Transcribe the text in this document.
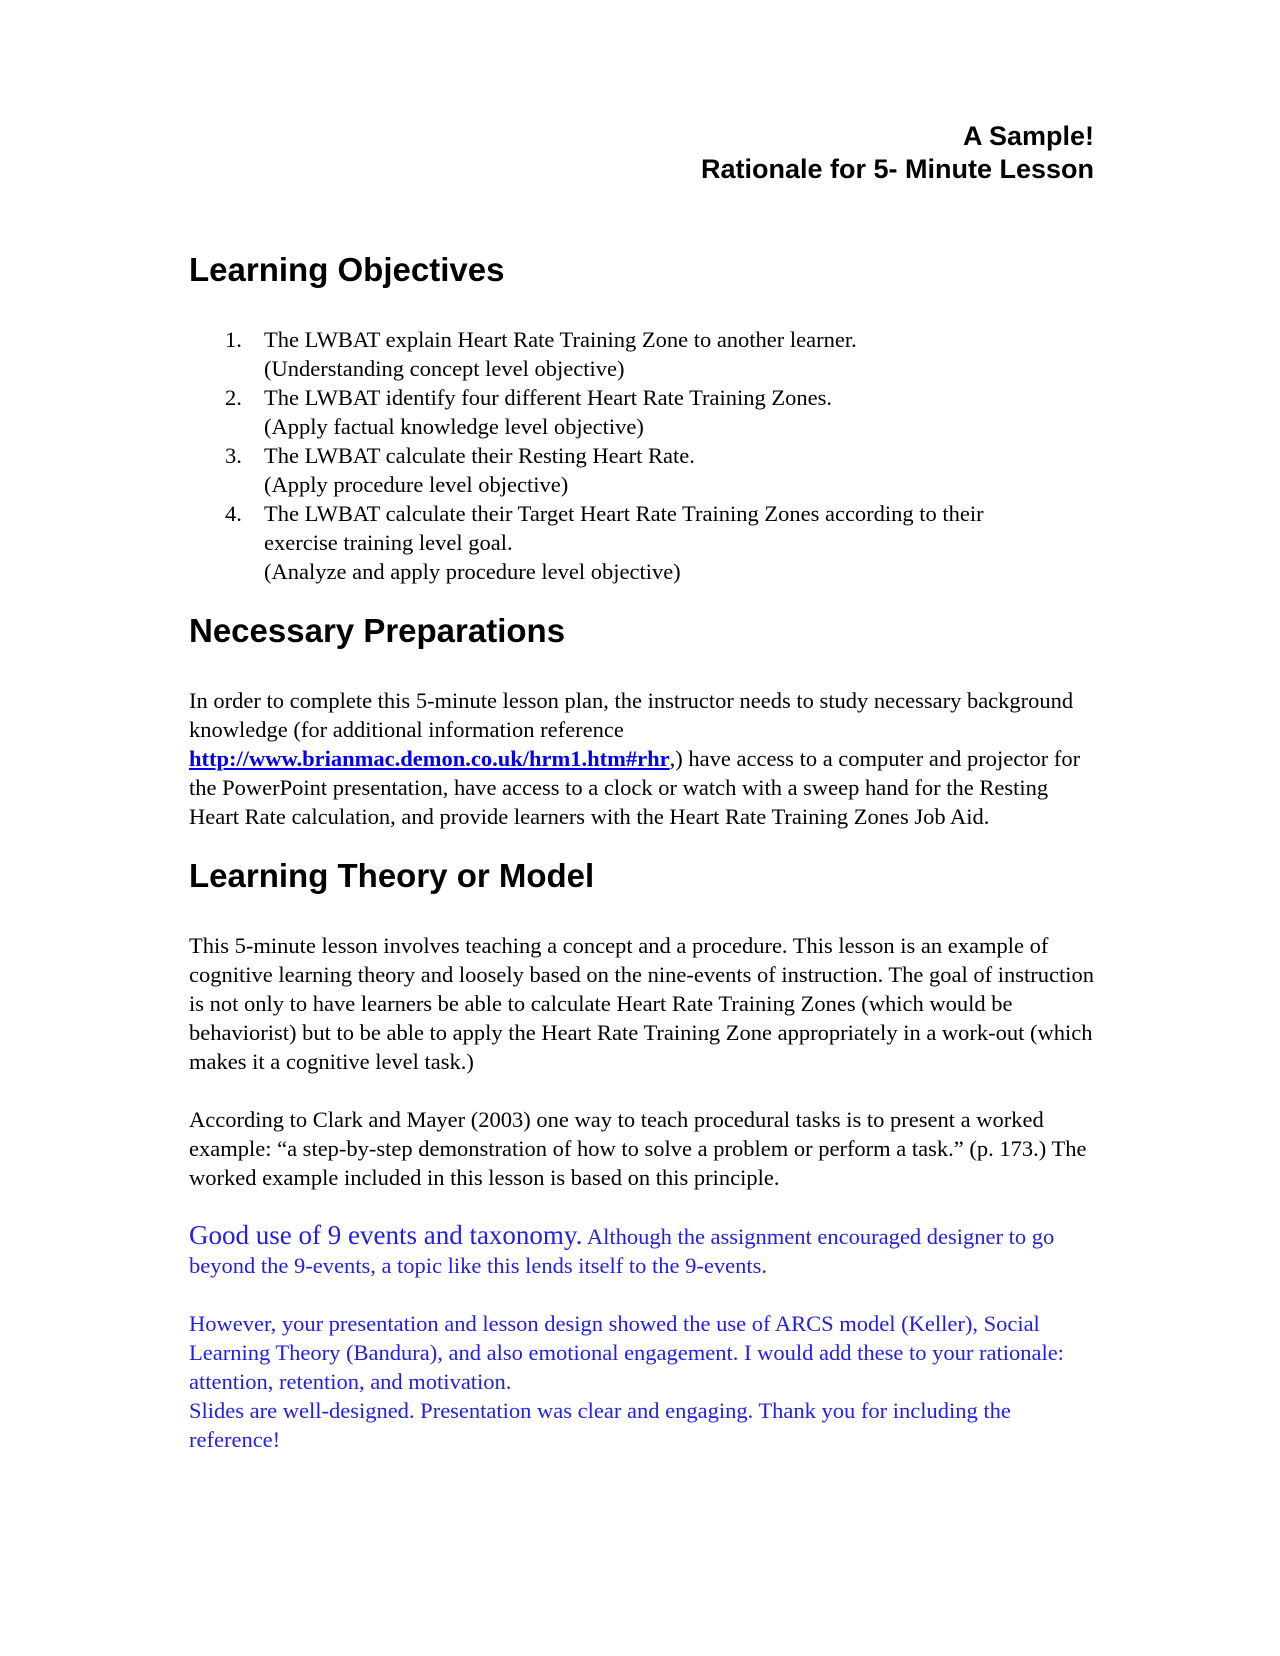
A Sample!
Rationale for 5- Minute Lesson
Learning Objectives
1. The LWBAT explain Heart Rate Training Zone to another learner.
(Understanding concept level objective)
2. The LWBAT identify four different Heart Rate Training Zones.
(Apply factual knowledge level objective)
3. The LWBAT calculate their Resting Heart Rate.
(Apply procedure level objective)
4. The LWBAT calculate their Target Heart Rate Training Zones according to their
exercise training level goal.
(Analyze and apply procedure level objective)
Necessary Preparations

In order to complete this 5-minute lesson plan, the instructor needs to study necessary background knowledge (for additional information reference http://www.brianmac.demon.co.uk/hrm1.htm#rhr,) have access to a computer and projector for the PowerPoint presentation, have access to a clock or watch with a sweep hand for the Resting Heart Rate calculation, and provide learners with the Heart Rate Training Zones Job Aid.

Learning Theory or Model

This 5-minute lesson involves teaching a concept and a procedure. This lesson is an example of cognitive learning theory and loosely based on the nine-events of instruction. The goal of instruction is not only to have learners be able to calculate Heart Rate Training Zones (which would be behaviorist) but to be able to apply the Heart Rate Training Zone appropriately in a work-out (which makes it a cognitive level task.)

According to Clark and Mayer (2003) one way to teach procedural tasks is to present a worked example: “a step-by-step demonstration of how to solve a problem or perform a task.” (p. 173.) The worked example included in this lesson is based on this principle.

Good use of 9 events and taxonomy. Although the assignment encouraged designer to go beyond the 9-events, a topic like this lends itself to the 9-events.

However, your presentation and lesson design showed the use of ARCS model (Keller), Social Learning Theory (Bandura), and also emotional engagement. I would add these to your rationale: attention, retention, and motivation.

Slides are well-designed. Presentation was clear and engaging. Thank you for including the reference!
